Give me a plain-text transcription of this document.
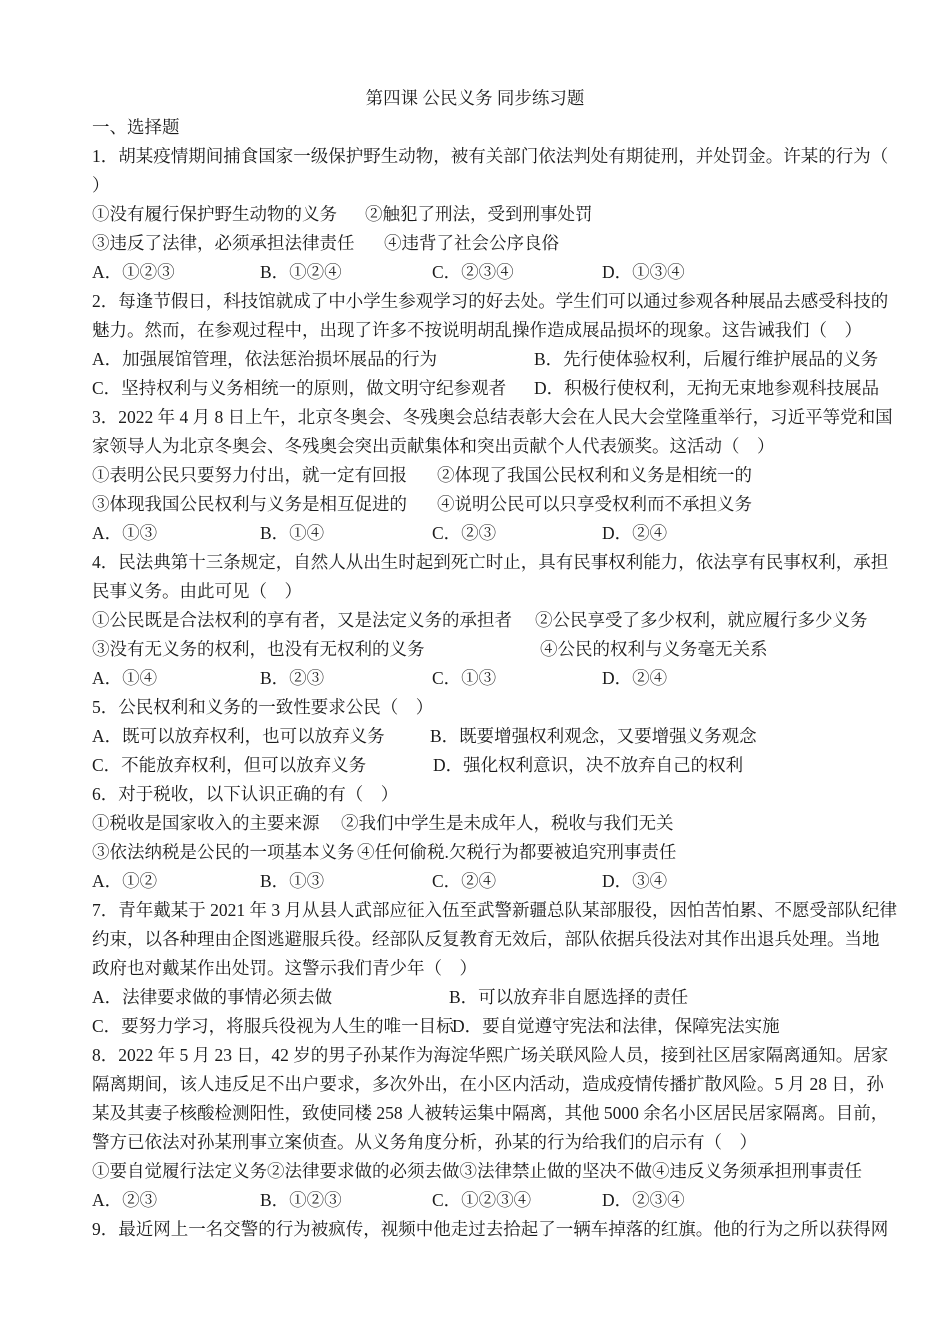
第四课 公民义务 同步练习题
一、选择题
1．胡某疫情期间捕食国家一级保护野生动物，被有关部门依法判处有期徒刑，并处罚金。许某的行为（
）
①没有履行保护野生动物的义务 ②触犯了刑法，受到刑事处罚
③违反了法律，必须承担法律责任 ④违背了社会公序良俗
A．①②③	B．①②④	C．②③④	D．①③④
2．每逢节假日，科技馆就成了中小学生参观学习的好去处。学生们可以通过参观各种展品去感受科技的
魅力。然而，在参观过程中，出现了许多不按说明胡乱操作造成展品损坏的现象。这告诫我们（　）
A．加强展馆管理，依法惩治损坏展品的行为	B．先行使体验权利，后履行维护展品的义务
C．坚持权利与义务相统一的原则，做文明守纪参观者 D．积极行使权利，无拘无束地参观科技展品
3．2022 年 4 月 8 日上午，北京冬奥会、冬残奥会总结表彰大会在人民大会堂隆重举行，习近平等党和国
家领导人为北京冬奥会、冬残奥会突出贡献集体和突出贡献个人代表颁奖。这活动（　）
①表明公民只要努力付出，就一定有回报 ②体现了我国公民权利和义务是相统一的
③体现我国公民权利与义务是相互促进的 ④说明公民可以只享受权利而不承担义务
A．①③	B．①④	C．②③	D．②④
4．民法典第十三条规定，自然人从出生时起到死亡时止，具有民事权利能力，依法享有民事权利，承担
民事义务。由此可见（　）
①公民既是合法权利的享有者，又是法定义务的承担者 ②公民享受了多少权利，就应履行多少义务
③没有无义务的权利，也没有无权利的义务	④公民的权利与义务毫无关系
A．①④	B．②③	C．①③	D．②④
5．公民权利和义务的一致性要求公民（　）
A．既可以放弃权利，也可以放弃义务	B．既要增强权利观念，又要增强义务观念
C．不能放弃权利，但可以放弃义务	D．强化权利意识，决不放弃自己的权利
6．对于税收，以下认识正确的有（　）
①税收是国家收入的主要来源 ②我们中学生是未成年人，税收与我们无关
③依法纳税是公民的一项基本义务 ④任何偷税.欠税行为都要被追究刑事责任
A．①②	B．①③	C．②④	D．③④
7．青年戴某于 2021 年 3 月从县人武部应征入伍至武警新疆总队某部服役，因怕苦怕累、不愿受部队纪律
约束，以各种理由企图逃避服兵役。经部队反复教育无效后，部队依据兵役法对其作出退兵处理。当地
政府也对戴某作出处罚。这警示我们青少年（　）
A．法律要求做的事情必须去做	B．可以放弃非自愿选择的责任
C．要努力学习，将服兵役视为人生的唯一目标
D．要自觉遵守宪法和法律，保障宪法实施
8．2022 年 5 月 23 日，42 岁的男子孙某作为海淀华熙广场关联风险人员，接到社区居家隔离通知。居家
隔离期间，该人违反足不出户要求，多次外出，在小区内活动，造成疫情传播扩散风险。5 月 28 日，孙
某及其妻子核酸检测阳性，致使同楼 258 人被转运集中隔离，其他 5000 余名小区居民居家隔离。目前，
警方已依法对孙某刑事立案侦查。从义务角度分析，孙某的行为给我们的启示有（　）
①要自觉履行法定义务②法律要求做的必须去做③法律禁止做的坚决不做④违反义务须承担刑事责任
A．②③	B．①②③	C．①②③④	D．②③④
9．最近网上一名交警的行为被疯传，视频中他走过去拾起了一辆车掉落的红旗。他的行为之所以获得网
